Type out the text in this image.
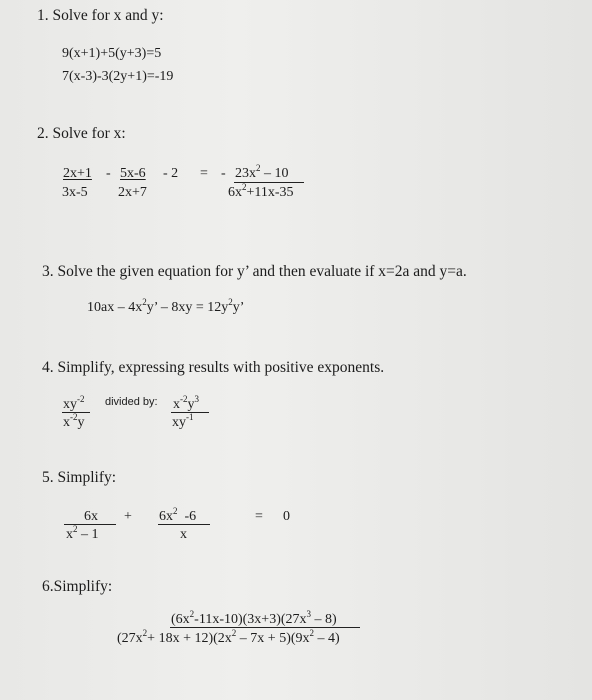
1. Solve for x and y:
9(x+1)+5(y+3)=5
7(x-3)-3(2y+1)=-19
2. Solve for x:
2x+1
3x-5
- 5x-6
2x+7
- 2 = - $23x^2 - 10$
$6x^2+11x-35$
3. Solve the given equation for y’ and then evaluate if x=2a and y=a.
$10ax - 4x^2y$’ – $8xy = 12y^2y$’
4. Simplify, expressing results with positive exponents.
$xy^{-2}$
$x^{-2}y$
divided by: $x^{-2}y^3$
$xy^{-1}$
5. Simplify:
6x
$x^2 - 1$
+ $6x^2$ -6
x
= 0
6.Simplify:
$(6x^2-11x-10)(3x+3)(27x^3 - 8)$
$(27x^2+ 18x + 12)(2x^2 - 7x + 5)(9x^2 - 4)$
